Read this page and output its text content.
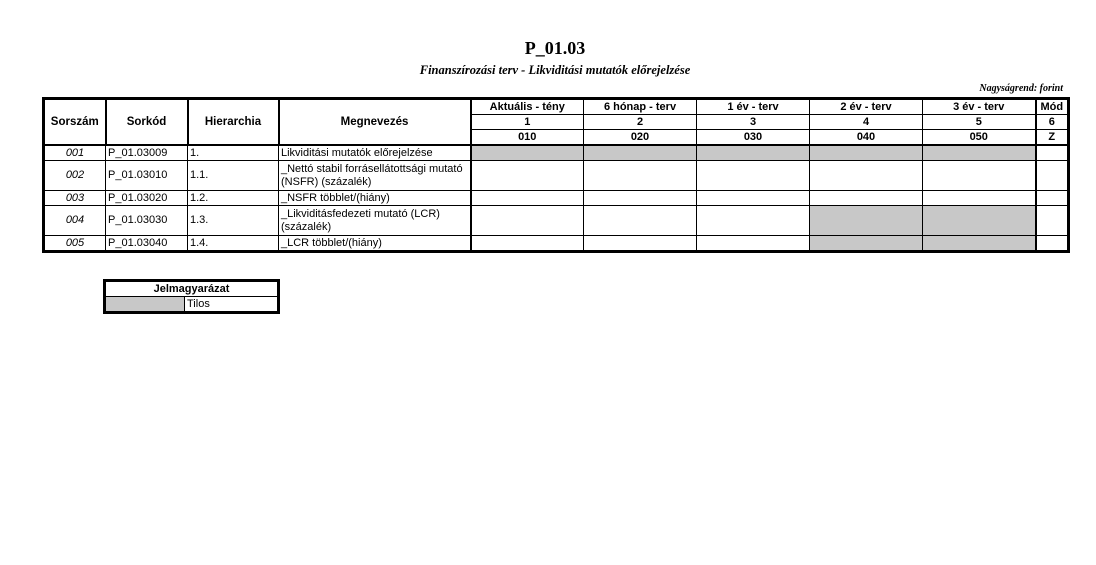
P_01.03
Finanszírozási terv - Likviditási mutatók előrejelzése
Nagyságrend: forint
Sorszám	Sorkód	Hierarchia	Megnevezés	Aktuális - tény	6 hónap - terv	1 év - terv	2 év - terv	3 év - terv	Mód
				1	2	3	4	5	6
				010	020	030	040	050	Z
001	P_01.03009	1.	Likviditási mutatók előrejelzése						
002	P_01.03010	1.1.	_Nettó stabil forrásellátottsági mutató (NSFR) (százalék)						
003	P_01.03020	1.2.	_NSFR többlet/(hiány)						
004	P_01.03030	1.3.	_Likviditásfedezeti mutató (LCR) (százalék)						
005	P_01.03040	1.4.	_LCR többlet/(hiány)						
Jelmagyarázat
	Tilos
